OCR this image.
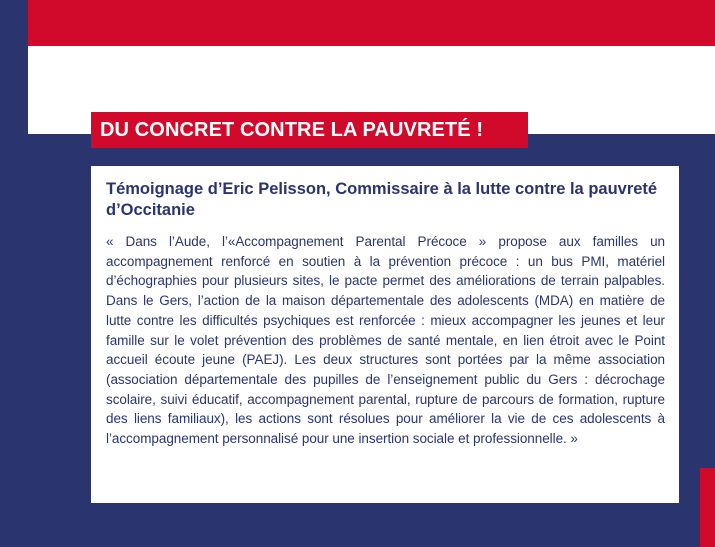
DU CONCRET CONTRE LA PAUVRETÉ !
Témoignage d’Eric Pelisson, Commissaire à la lutte contre la pauvreté d’Occitanie

« Dans l’Aude, l’«Accompagnement Parental Précoce » propose aux familles un accompagnement renforcé en soutien à la prévention précoce : un bus PMI, matériel d’échographies pour plusieurs sites, le pacte permet des améliorations de terrain palpables. Dans le Gers, l’action de la maison départementale des adolescents (MDA) en matière de lutte contre les difficultés psychiques est renforcée : mieux accompagner les jeunes et leur famille sur le volet prévention des problèmes de santé mentale, en lien étroit avec le Point accueil écoute jeune (PAEJ). Les deux structures sont portées par la même association (association départementale des pupilles de l’enseignement public du Gers : décrochage scolaire, suivi éducatif, accompagnement parental, rupture de parcours de formation, rupture des liens familiaux), les actions sont résolues pour améliorer la vie de ces adolescents à l’accompagnement personnalisé pour une insertion sociale et professionnelle. »
